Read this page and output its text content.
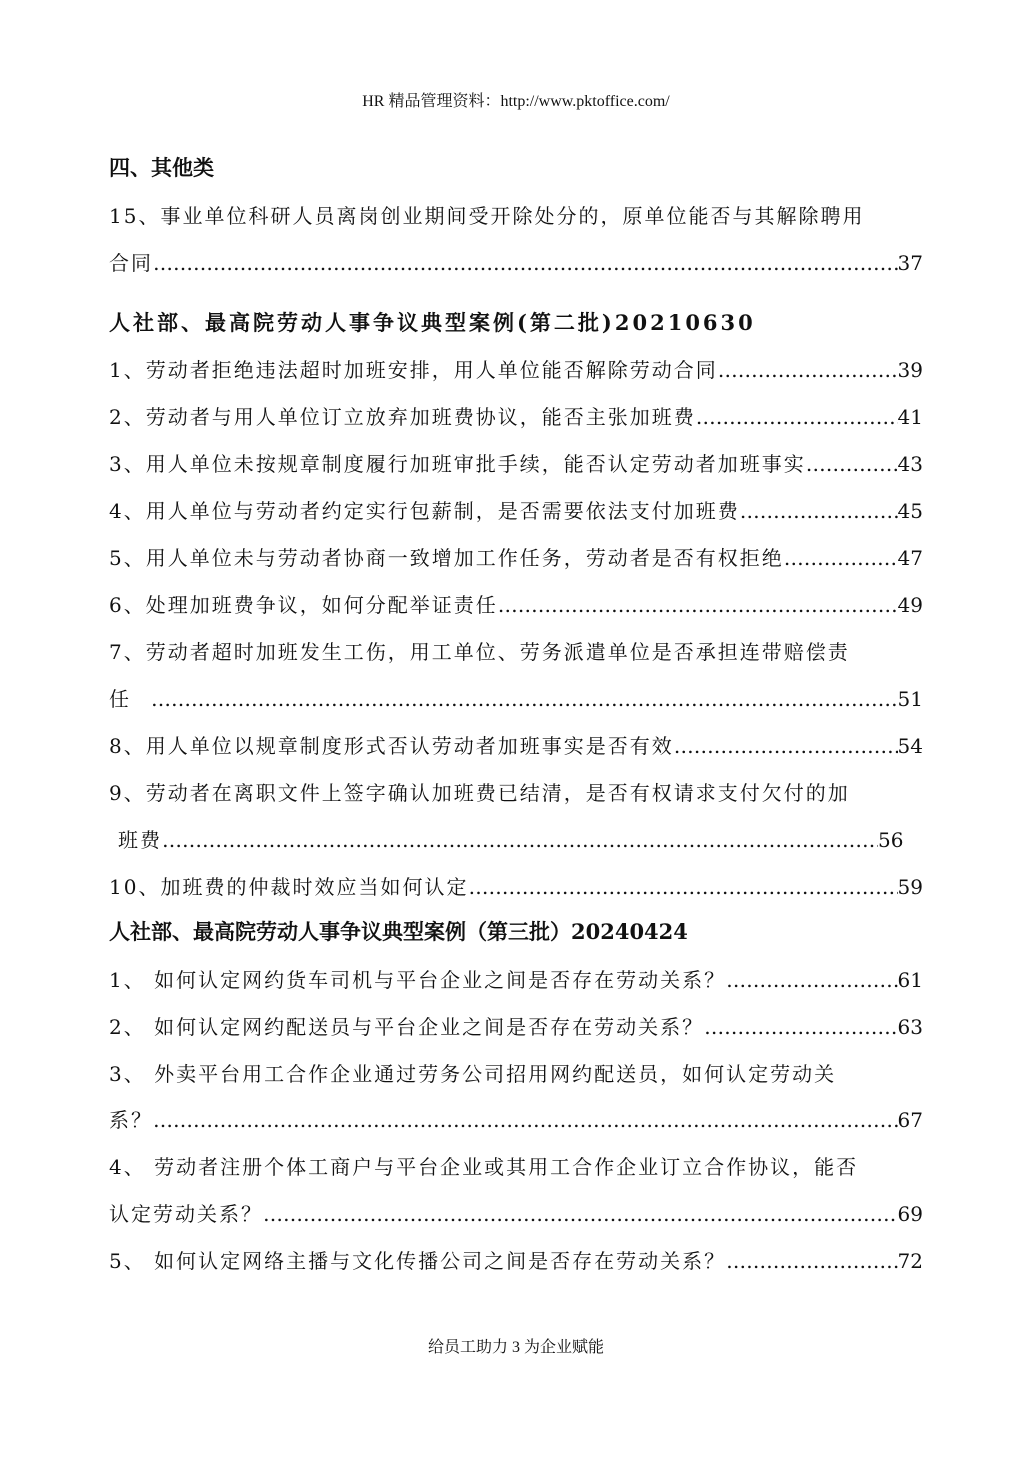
HR 精品管理资料：http://www.pktoffice.com/
四、其他类
15、事业单位科研人员离岗创业期间受开除处分的，原单位能否与其解除聘用
合同 ………………………………………………………………………………………………………………………………………………	37
人社部、最高院劳动人事争议典型案例(第二批)20210630
1、劳动者拒绝违法超时加班安排，用人单位能否解除劳动合同 ………………………………………………………………………………………………………………………………………………	39
2、劳动者与用人单位订立放弃加班费协议，能否主张加班费 ………………………………………………………………………………………………………………………………………………	41
3、用人单位未按规章制度履行加班审批手续，能否认定劳动者加班事实 ………………………………………………………………………………………………………………………………………………	43
4、用人单位与劳动者约定实行包薪制，是否需要依法支付加班费 ………………………………………………………………………………………………………………………………………………	45
5、用人单位未与劳动者协商一致增加工作任务，劳动者是否有权拒绝 ………………………………………………………………………………………………………………………………………………	47
6、处理加班费争议，如何分配举证责任 ………………………………………………………………………………………………………………………………………………	49
7、劳动者超时加班发生工伤，用工单位、劳务派遣单位是否承担连带赔偿责
任 ………………………………………………………………………………………………………………………………………………	51
8、用人单位以规章制度形式否认劳动者加班事实是否有效 ………………………………………………………………………………………………………………………………………………	54
9、劳动者在离职文件上签字确认加班费已结清，是否有权请求支付欠付的加
班费 ………………………………………………………………………………………………………………………………………………	56
10、加班费的仲裁时效应当如何认定 ………………………………………………………………………………………………………………………………………………	59
人社部、最高院劳动人事争议典型案例（第三批）20240424
1、 如何认定网约货车司机与平台企业之间是否存在劳动关系？ ………………………………………………………………………………………………………………………………………………	61
2、 如何认定网约配送员与平台企业之间是否存在劳动关系？ ………………………………………………………………………………………………………………………………………………	63
3、 外卖平台用工合作企业通过劳务公司招用网约配送员，如何认定劳动关
系？ ………………………………………………………………………………………………………………………………………………	67
4、 劳动者注册个体工商户与平台企业或其用工合作企业订立合作协议，能否
认定劳动关系？ ………………………………………………………………………………………………………………………………………………	69
5、 如何认定网络主播与文化传播公司之间是否存在劳动关系？ ………………………………………………………………………………………………………………………………………………	72
给员工助力 3 为企业赋能
